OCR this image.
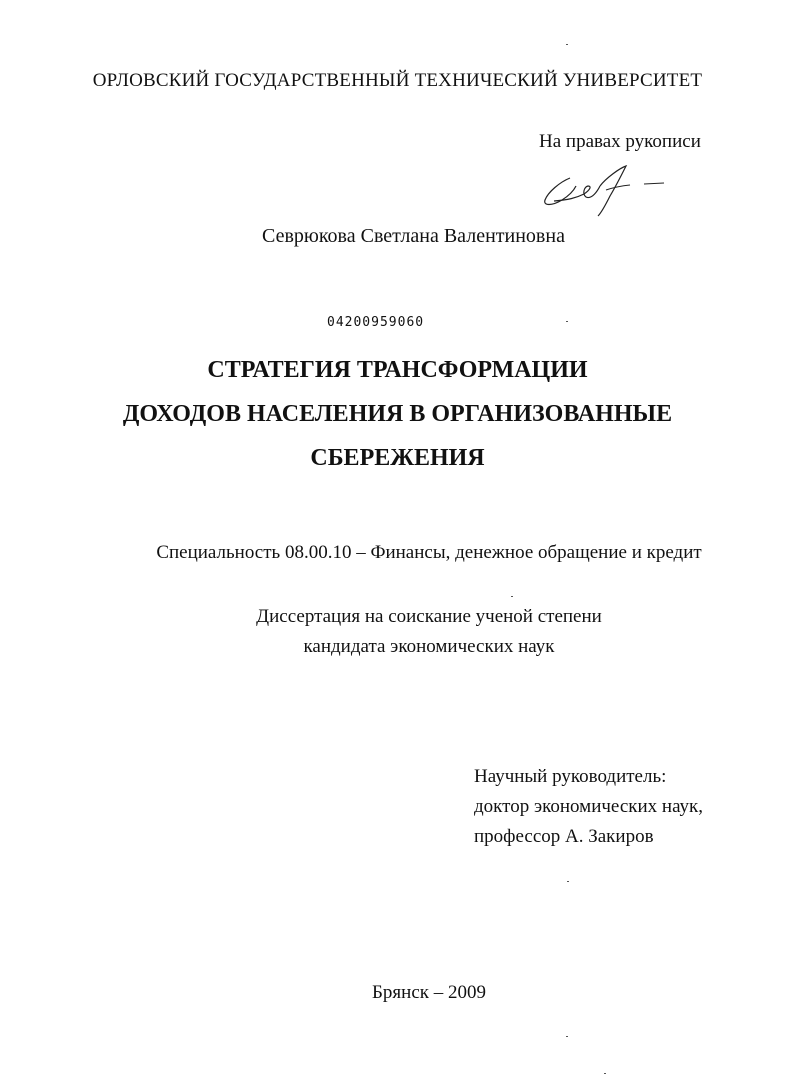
ОРЛОВСКИЙ ГОСУДАРСТВЕННЫЙ ТЕХНИЧЕСКИЙ УНИВЕРСИТЕТ
На правах рукописи
Севрюкова Светлана Валентиновна
04200959060
СТРАТЕГИЯ ТРАНСФОРМАЦИИ
ДОХОДОВ НАСЕЛЕНИЯ В ОРГАНИЗОВАННЫЕ
СБЕРЕЖЕНИЯ
Специальность 08.00.10 – Финансы, денежное обращение и кредит
Диссертация на соискание ученой степени
кандидата экономических наук
Научный руководитель:
доктор экономических наук,
профессор А. Закиров
Брянск – 2009
